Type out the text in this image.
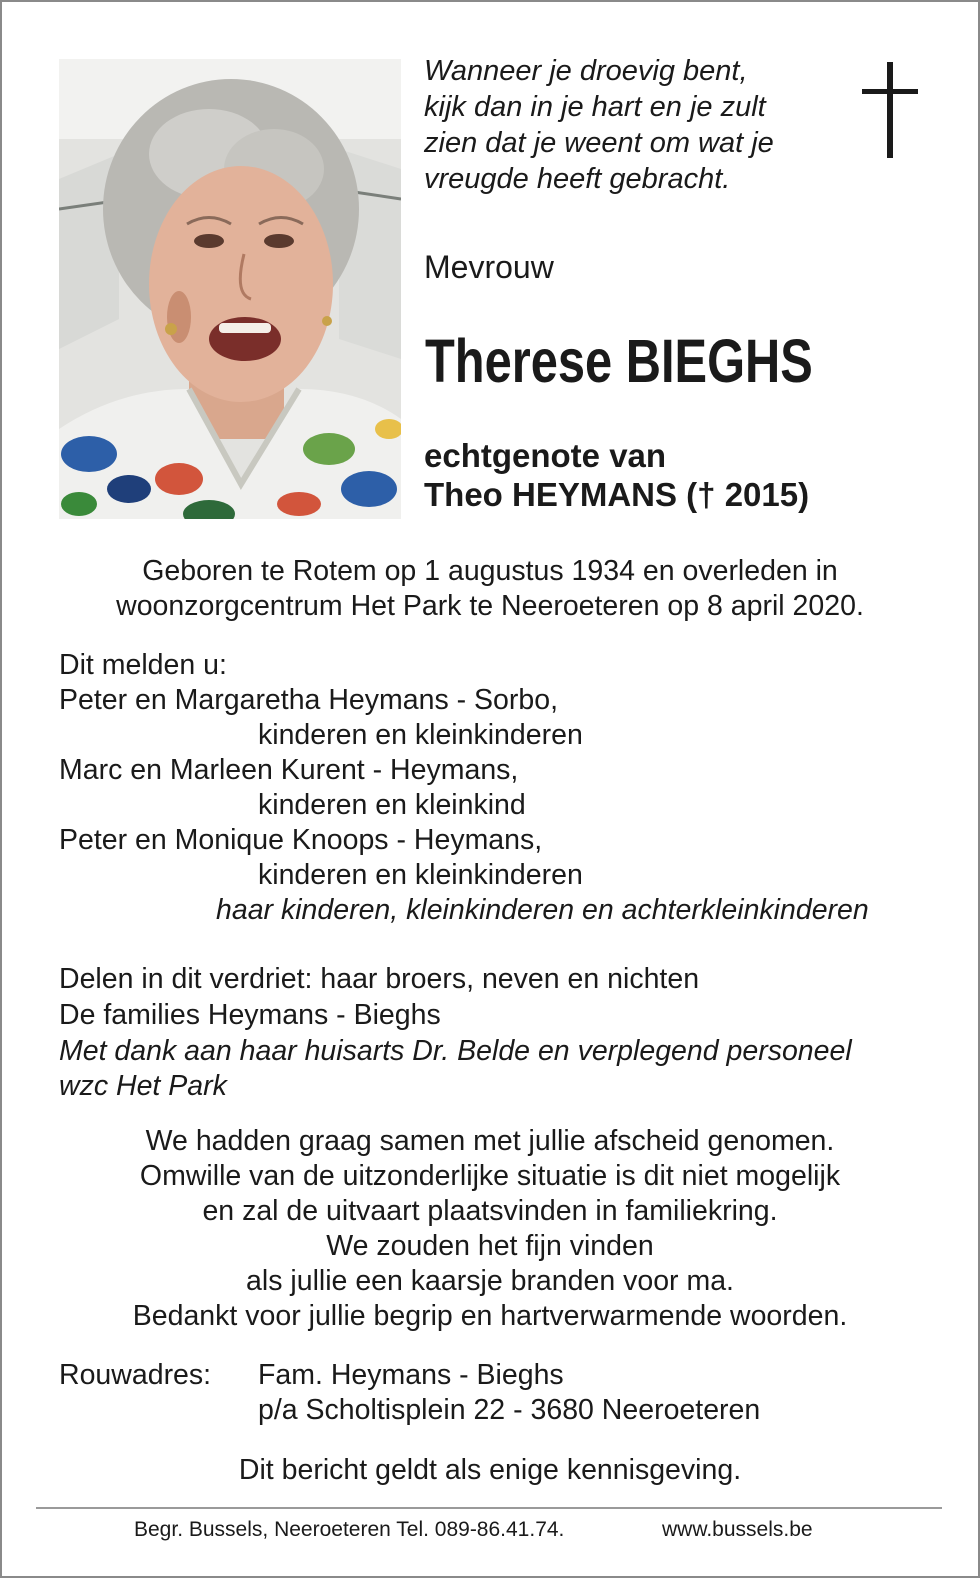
Wanneer je droevig bent,

kijk dan in je hart en je zult

zien dat je weent om wat je

vreugde heeft gebracht.

Mevrouw

Therese BIEGHS

echtgenote van

Theo HEYMANS († 2015)

Geboren te Rotem op 1 augustus 1934 en overleden in

woonzorgcentrum Het Park te Neeroeteren op 8 april 2020.

Dit melden u:

Peter en Margaretha Heymans - Sorbo,

kinderen en kleinkinderen

Marc en Marleen Kurent - Heymans,

kinderen en kleinkind

Peter en Monique Knoops - Heymans,

kinderen en kleinkinderen

haar kinderen, kleinkinderen en achterkleinkinderen

Delen in dit verdriet: haar broers, neven en nichten

De families Heymans - Bieghs

Met dank aan haar huisarts Dr. Belde en verplegend personeel

wzc Het Park

We hadden graag samen met jullie afscheid genomen.

Omwille van de uitzonderlijke situatie is dit niet mogelijk

en zal de uitvaart plaatsvinden in familiekring.

We zouden het fijn vinden

als jullie een kaarsje branden voor ma.

Bedankt voor jullie begrip en hartverwarmende woorden.

Rouwadres: Fam. Heymans - Bieghs

p/a Scholtisplein 22 - 3680 Neeroeteren

Dit bericht geldt als enige kennisgeving.

Begr. Bussels, Neeroeteren Tel. 089-86.41.74.	www.bussels.be
